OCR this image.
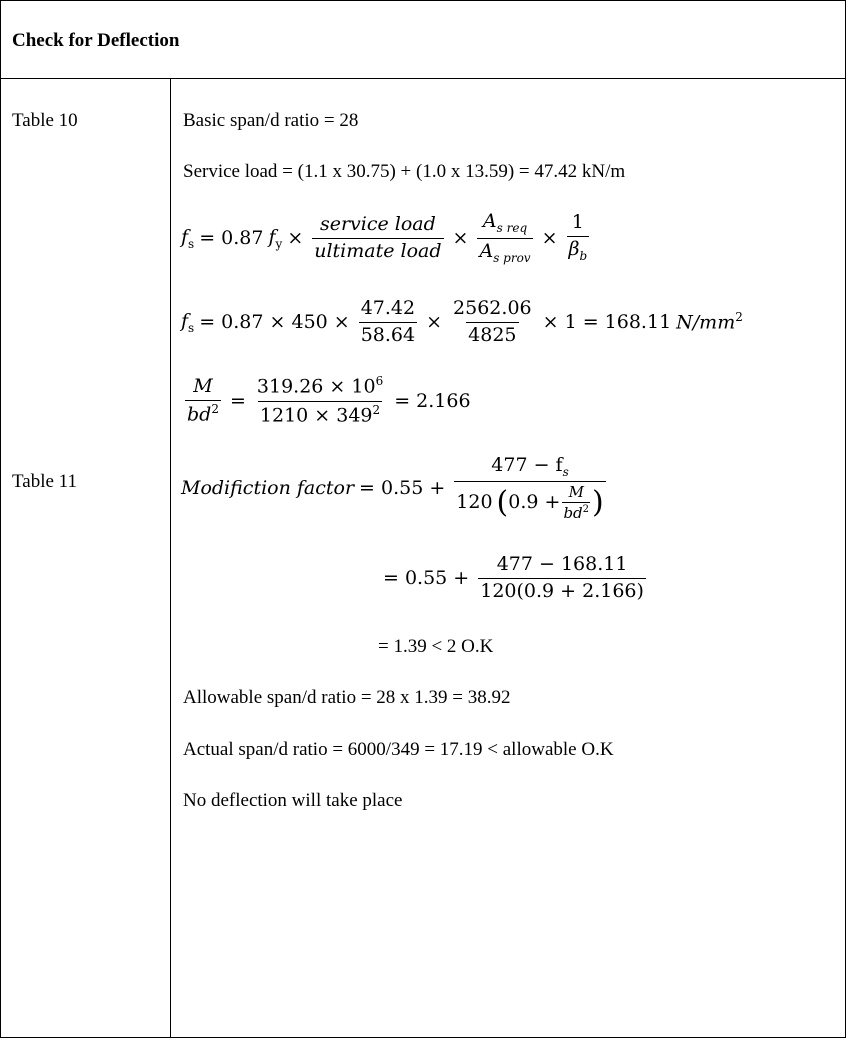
Check for Deflection
Table 10
Table 11
Basic span/d ratio = 28
Service load = (1.1 x 30.75) + (1.0 x 13.59) = 47.42 kN/m
$f_s = 0.87$ $f_y \times \frac{\text{service load}}{\text{ultimate load}} \times \frac{A_{s req}}{A_{s prov}} \times \frac{1}{\beta_b}$
$f_s = 0.87 \times 450 \times \frac{47.42}{58.64} \times \frac{2562.06}{4825} \times 1 = 168.11$ $N/mm^2$
$\frac{M}{bd^2} = \frac{319.26 \times 10^6}{1210 \times 349^2} = 2.166$
Modifiction factor = 0.55 +
$477 - f_s$
120 ( $0.9 + \frac{M}{bd^2}$ )
= $0.55 + \frac{477 - 168.11}{120(0.9 + 2.166)}$
= 1.39 < 2 O.K
Allowable span/d ratio = 28 x 1.39 = 38.92
Actual span/d ratio = 6000/349 = 17.19 < allowable O.K
No deflection will take place
